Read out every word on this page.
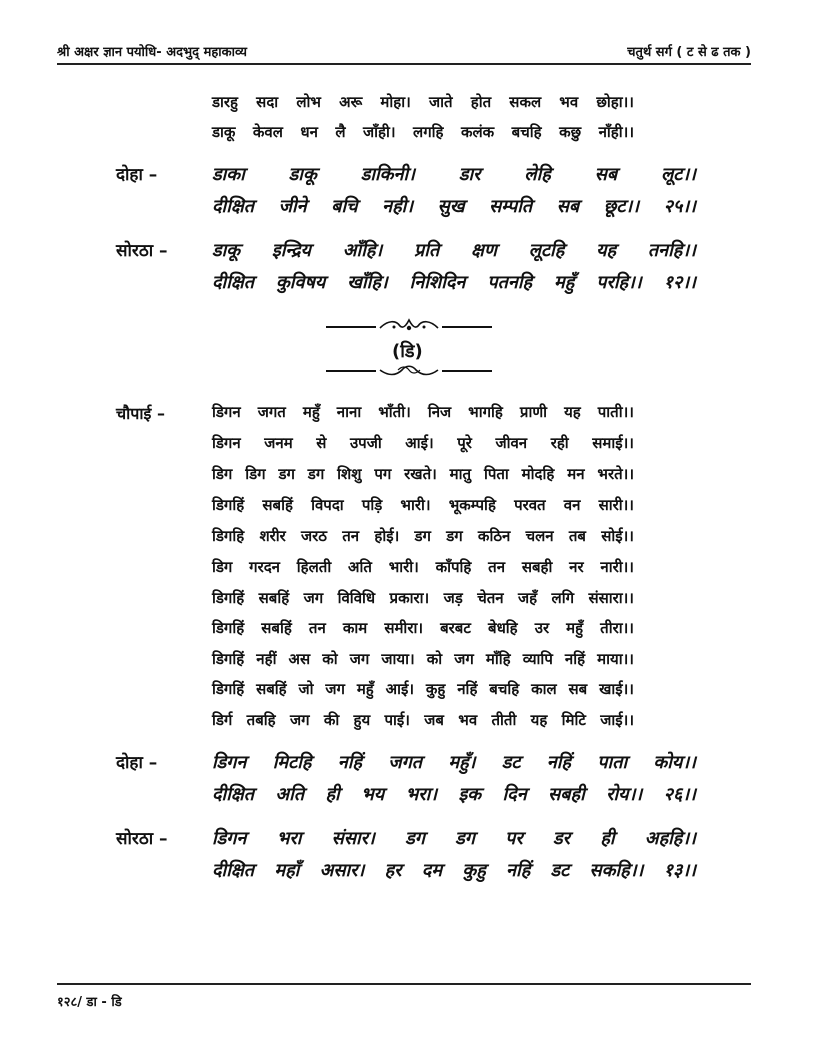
श्री अक्षर ज्ञान पयोधि- अदभुद् महाकाव्य	चतुर्थ सर्ग ( ट से ढ तक )
डारहु सदा लोभ अरू मोहा। जाते होत सकल भव छोहा।।
डाकू केवल धन लै जाँही। लगहि कलंक बचहि कछु नाँही।।
दोहा –	डाका डाकू डाकिनी। डार लेहि सब लूट।।
दीक्षित जीने बचि नही। सुख सम्पति सब छूट।। २५।।
सोरठा – डाकू इन्द्रिय आँहि। प्रति क्षण लूटहि यह तनहि।।
दीक्षित कुविषय खाँहि। निशिदिन पतनहि महुँ परहि।। १२।।
(डि)
चौपाई –	डिगन जगत महुँ नाना भाँती। निज भागहि प्राणी यह पाती।।
डिगन जनम से उपजी आई। पूरे जीवन रही समाई।।
डिग डिग डग डग शिशु पग रखते। मातु पिता मोदहि मन भरते।।
डिगहिं सबहिं विपदा पड़ि भारी। भूकम्पहि परवत वन सारी।।
डिगहि शरीर जरठ तन होई। डग डग कठिन चलन तब सोई।।
डिग गरदन हिलती अति भारी। काँपहि तन सबही नर नारी।।
डिगहिं सबहिं जग विविधि प्रकारा। जड़ चेतन जहँ लगि संसारा।।
डिगहिं सबहिं तन काम समीरा। बरबट बेधहि उर महुँ तीरा।।
डिगहिं नहीं अस को जग जाया। को जग माँहि व्यापि नहिं माया।।
डिगहिं सबहिं जो जग महुँ आई। कुहु नहिं बचहि काल सब खाई।।
डिर्ग तबहि जग की हुय पाई। जब भव तीती यह मिटि जाई।।
दोहा –	डिगन मिटहि नहिं जगत महुँ। डट नहिं पाता कोय।।
दीक्षित अति ही भय भरा। इक दिन सबही रोय।। २६।।
सोरठा – डिगन भरा संसार। डग डग पर डर ही अहहि।।
दीक्षित महाँ असार। हर दम कुहु नहिं डट सकहि।। १३।।
१२८/ डा - डि
